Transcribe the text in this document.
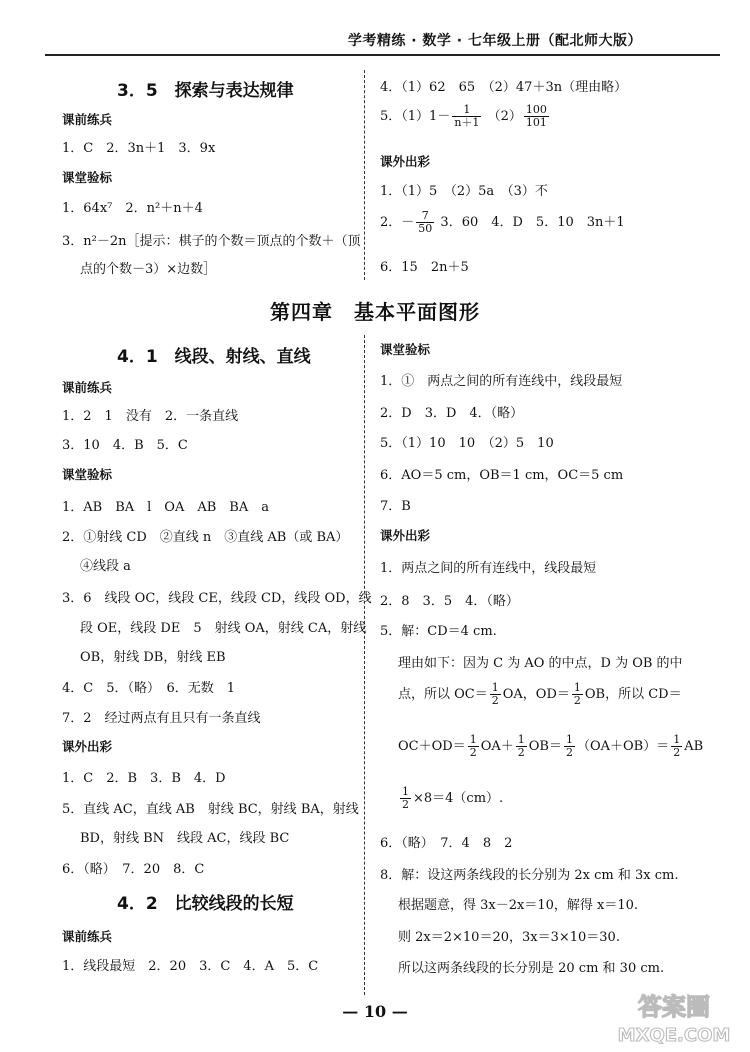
学考精练 · 数学 · 七年级上册（配北师大版）
3．5　探索与表达规律
课前练兵
1．C　2．3n＋1　3．9x
课堂验标
1．64x⁷　2．n²＋n＋4
3．n²－2n［提示：棋子的个数＝顶点的个数＋（顶
点的个数－3）×边数］
4．（1）62　65　（2）47＋3n（理由略）
5．$(1)1- \frac{1}{n+1} (2) \frac{100}{101}$
课外出彩
1．（1）5　（2）5a　（3）不
2．－ $\frac{7}{50} 3$．60　4．D　5．10　3n＋1
6．15　2n＋5
第四章　基本平面图形
4．1　线段、射线、直线
课前练兵
1．2　1　没有　2．一条直线
3．10　4．B　5．C
课堂验标
1．AB　BA　l　OA　AB　BA　a
2．①射线 CD　②直线 n　③直线 AB（或 BA）
④线段 a
3．6　线段 OC，线段 CE，线段 CD，线段 OD，线
段 OE，线段 DE　5　射线 OA，射线 CA，射线
OB，射线 DB，射线 EB
4．C　5．（略）　6．无数　1
7．2　经过两点有且只有一条直线
课外出彩
1．C　2．B　3．B　4．D
5．直线 AC，直线 AB　射线 BC，射线 BA，射线
BD，射线 BN　线段 AC，线段 BC
6．（略）　7．20　8．C
4．2　比较线段的长短
课前练兵
1．线段最短　2．20　3．C　4．A　5．C
课堂验标
1．①　两点之间的所有连线中，线段最短
2．D　3．D　4．（略）
5．（1）10　10　（2）5　10
6．AO＝5 cm，OB＝1 cm，OC＝5 cm
7．B
课外出彩
1．两点之间的所有连线中，线段最短
2．8　3．5　4．（略）
5．解：CD＝4 cm.
理由如下：因为 C 为 AO 的中点，D 为 OB 的中
点，所以 $OC= \frac{1}{2}$ OA，$OD= \frac{1}{2}$ OB，所以 CD＝
$OC+OD= \frac{1}{2} OA+ \frac{1}{2} OB= \frac{1}{2} (OA+OB)= \frac{1}{2}$ AB
$\frac{1}{2} \times 8=4(cm)$.
6．（略）　7．4　8　2
8．解：设这两条线段的长分别为 2x cm 和 3x cm.
根据题意，得 3x－2x＝10，解得 x＝10.
则 2x＝2×10＝20，3x＝3×10＝30.
所以这两条线段的长分别是 20 cm 和 30 cm.
— 10 —	答案圈
MXQE.COM
